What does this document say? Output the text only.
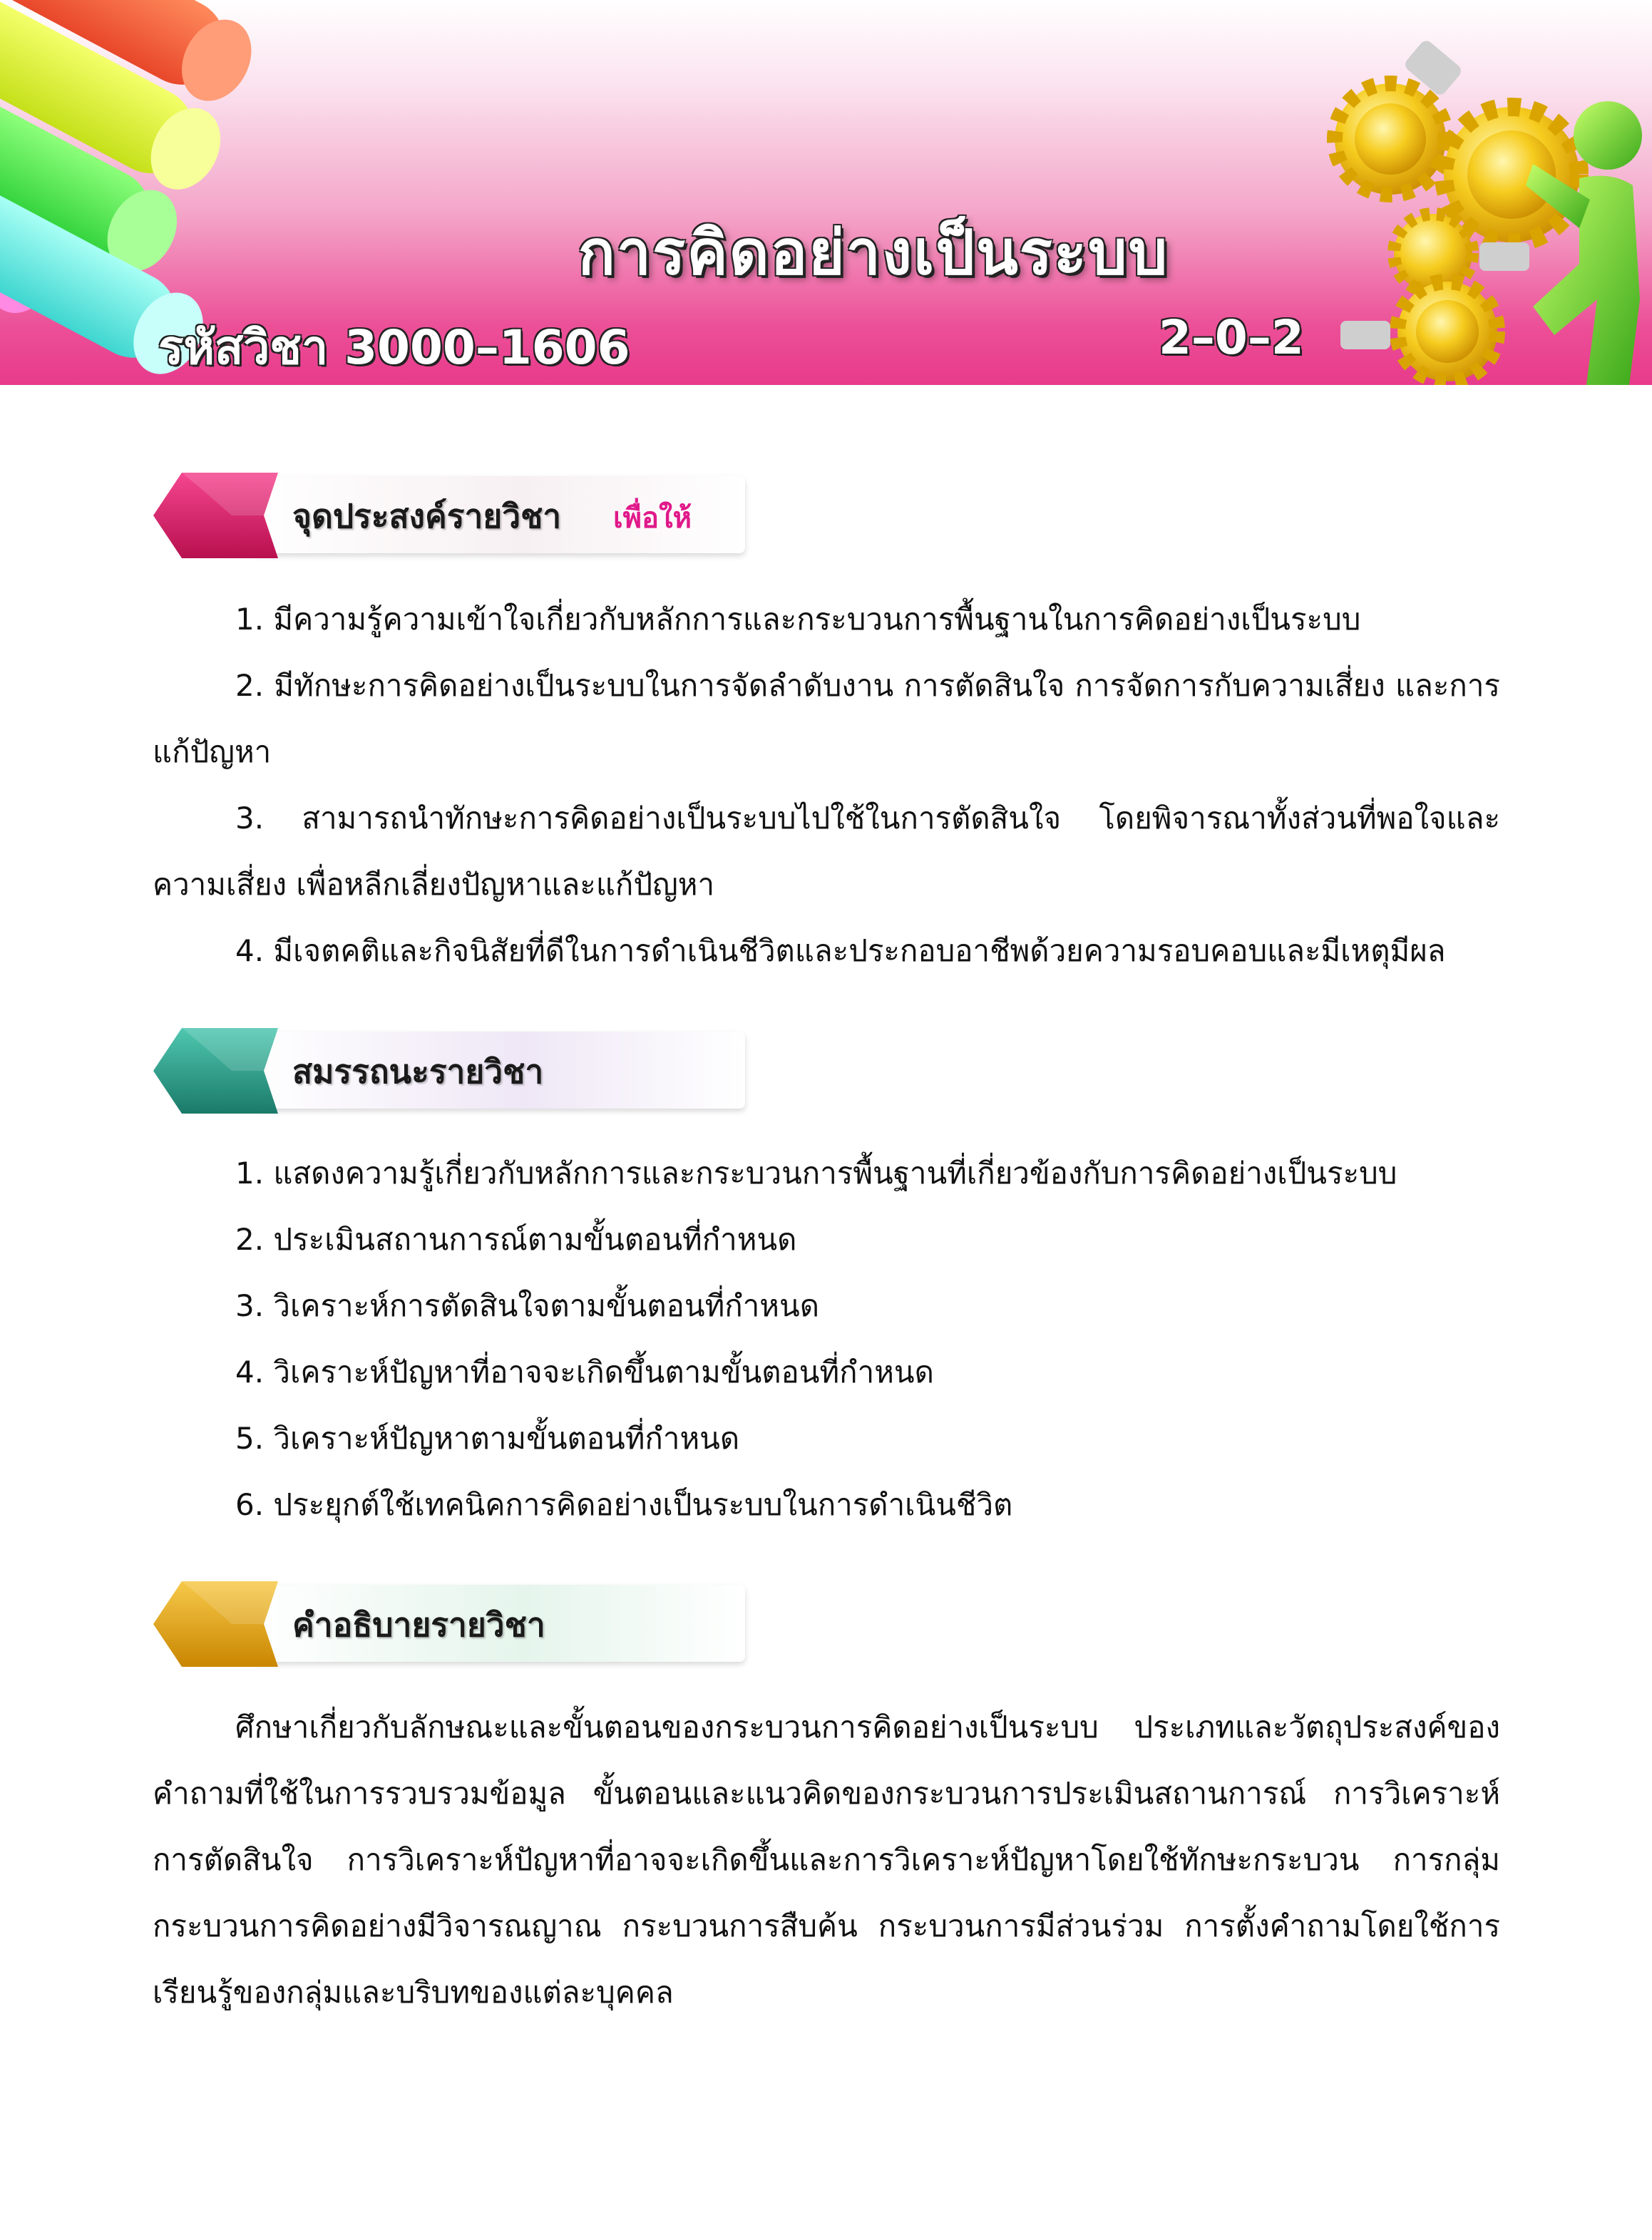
การคิดอย่างเป็นระบบ
รหัสวิชา 3000–1606	2–0–2
จุดประสงค์รายวิชา เพื่อให้
1. มีความรู้ความเข้าใจเกี่ยวกับหลักการและกระบวนการพื้นฐานในการคิดอย่างเป็นระบบ
2. มีทักษะการคิดอย่างเป็นระบบในการจัดลำดับงาน การตัดสินใจ การจัดการกับความเสี่ยง และการแก้ปัญหา
3. สามารถนำทักษะการคิดอย่างเป็นระบบไปใช้ในการตัดสินใจ โดยพิจารณาทั้งส่วนที่พอใจและความเสี่ยง เพื่อหลีกเลี่ยงปัญหาและแก้ปัญหา
4. มีเจตคติและกิจนิสัยที่ดีในการดำเนินชีวิตและประกอบอาชีพด้วยความรอบคอบและมีเหตุมีผล
สมรรถนะรายวิชา
1. แสดงความรู้เกี่ยวกับหลักการและกระบวนการพื้นฐานที่เกี่ยวข้องกับการคิดอย่างเป็นระบบ
2. ประเมินสถานการณ์ตามขั้นตอนที่กำหนด
3. วิเคราะห์การตัดสินใจตามขั้นตอนที่กำหนด
4. วิเคราะห์ปัญหาที่อาจจะเกิดขึ้นตามขั้นตอนที่กำหนด
5. วิเคราะห์ปัญหาตามขั้นตอนที่กำหนด
6. ประยุกต์ใช้เทคนิคการคิดอย่างเป็นระบบในการดำเนินชีวิต
คำอธิบายรายวิชา
ศึกษาเกี่ยวกับลักษณะและขั้นตอนของกระบวนการคิดอย่างเป็นระบบ ประเภทและวัตถุประสงค์ของคำถามที่ใช้ในการรวบรวมข้อมูล ขั้นตอนและแนวคิดของกระบวนการประเมินสถานการณ์ การวิเคราะห์การตัดสินใจ การวิเคราะห์ปัญหาที่อาจจะเกิดขึ้นและการวิเคราะห์ปัญหาโดยใช้ทักษะกระบวน การกลุ่ม กระบวนการคิดอย่างมีวิจารณญาณ กระบวนการสืบค้น กระบวนการมีส่วนร่วม การตั้งคำถามโดยใช้การเรียนรู้ของกลุ่มและบริบทของแต่ละบุคคล
